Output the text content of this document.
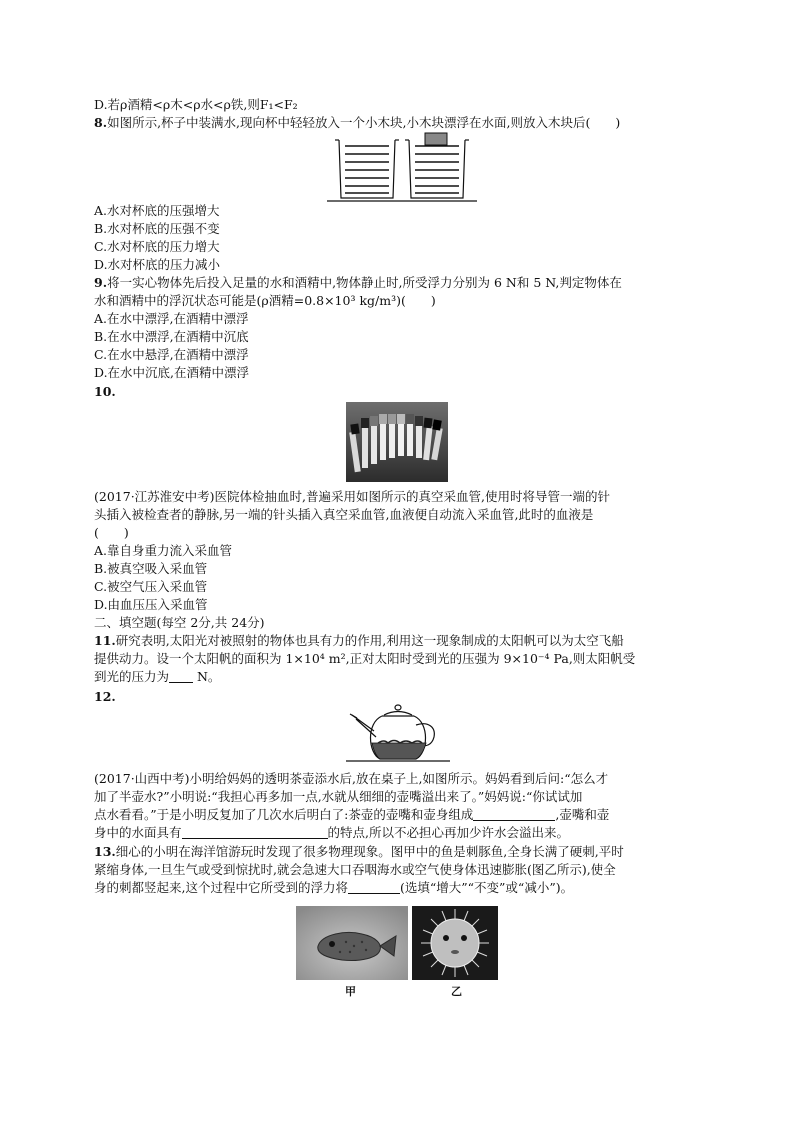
D.若ρ酒精<ρ木<ρ水<ρ铁,则F₁<F₂
8.如图所示,杯子中装满水,现向杯中轻轻放入一个小木块,小木块漂浮在水面,则放入木块后(　　)
A.水对杯底的压强增大
B.水对杯底的压强不变
C.水对杯底的压力增大
D.水对杯底的压力减小
9.将一实心物体先后投入足量的水和酒精中,物体静止时,所受浮力分别为 6 N和 5 N,判定物体在
水和酒精中的浮沉状态可能是(ρ酒精=0.8×10³ kg/m³)(　　)
A.在水中漂浮,在酒精中漂浮
B.在水中漂浮,在酒精中沉底
C.在水中悬浮,在酒精中漂浮
D.在水中沉底,在酒精中漂浮
10.
(2017·江苏淮安中考)医院体检抽血时,普遍采用如图所示的真空采血管,使用时将导管一端的针
头插入被检查者的静脉,另一端的针头插入真空采血管,血液便自动流入采血管,此时的血液是
(　　)
A.靠自身重力流入采血管
B.被真空吸入采血管
C.被空气压入采血管
D.由血压压入采血管
二、填空题(每空 2分,共 24分)
11.研究表明,太阳光对被照射的物体也具有力的作用,利用这一现象制成的太阳帆可以为太空飞船
提供动力。设一个太阳帆的面积为 1×10⁴ m²,正对太阳时受到光的压强为 9×10⁻⁴ Pa,则太阳帆受
到光的压力为 N。
12.
(2017·山西中考)小明给妈妈的透明茶壶添水后,放在桌子上,如图所示。妈妈看到后问:“怎么才
加了半壶水?”小明说:“我担心再多加一点,水就从细细的壶嘴溢出来了。”妈妈说:“你试试加
点水看看。”于是小明反复加了几次水后明白了:茶壶的壶嘴和壶身组成	,壶嘴和壶
身中的水面具有	的特点,所以不必担心再加少许水会溢出来。
13.细心的小明在海洋馆游玩时发现了很多物理现象。图甲中的鱼是刺豚鱼,全身长满了硬刺,平时
紧缩身体,一旦生气或受到惊扰时,就会急速大口吞咽海水或空气使身体迅速膨胀(图乙所示),使全
身的刺都竖起来,这个过程中它所受到的浮力将	(选填“增大”“不变”或“减小”)。
甲	乙
